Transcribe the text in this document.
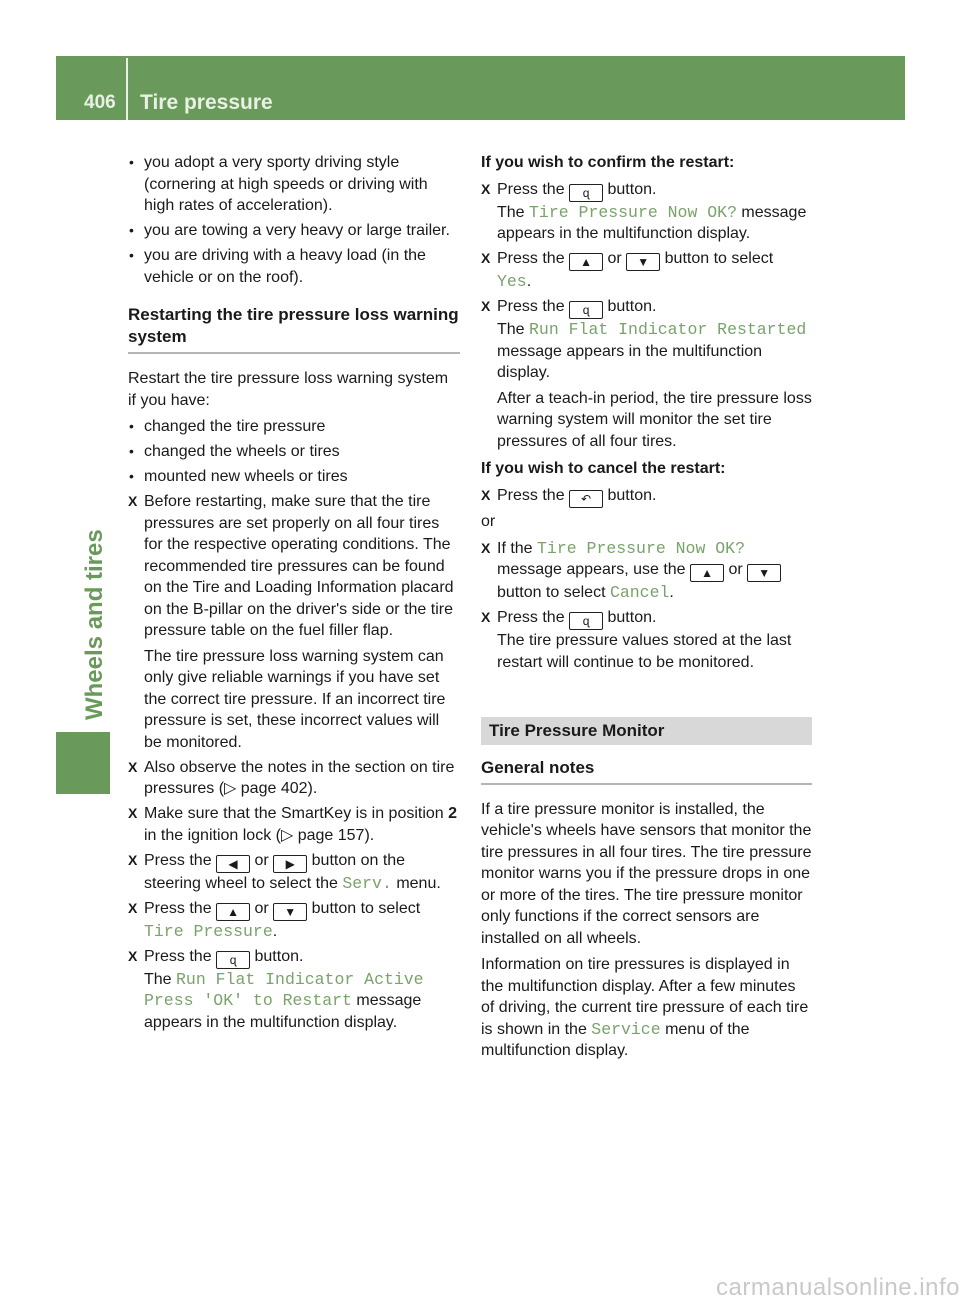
406 Tire pressure
Wheels and tires
• you adopt a very sporty driving style (cornering at high speeds or driving with high rates of acceleration).
• you are towing a very heavy or large trailer.
• you are driving with a heavy load (in the vehicle or on the roof).
Restarting the tire pressure loss warning system

Restart the tire pressure loss warning system if you have:

• changed the tire pressure
• changed the wheels or tires
• mounted new wheels or tires
X Before restarting, make sure that the tire pressures are set properly on all four tires for the respective operating conditions. The recommended tire pressures can be found on the Tire and Loading Information placard on the B-pillar on the driver's side or the tire pressure table on the fuel filler flap.
The tire pressure loss warning system can only give reliable warnings if you have set the correct tire pressure. If an incorrect tire pressure is set, these incorrect values will be monitored.
X Also observe the notes in the section on tire pressures (▷ page 402).
X Make sure that the SmartKey is in position 2 in the ignition lock (▷ page 157).
X Press the ◀ or ▶ button on the steering wheel to select the Serv. menu.
X Press the ▲ or ▼ button to select
Tire Pressure.
X Press the ɋ button.
The Run Flat Indicator Active
Press 'OK' to Restart message appears in the multifunction display.
If you wish to confirm the restart:
X Press the ɋ button.
The Tire Pressure Now OK? message appears in the multifunction display.
X Press the ▲ or ▼ button to select
Yes.
X Press the ɋ button.
The Run Flat Indicator Restarted message appears in the multifunction display.
After a teach-in period, the tire pressure loss warning system will monitor the set tire pressures of all four tires.
If you wish to cancel the restart:
X Press the ↶ button.

or

X If the Tire Pressure Now OK? message appears, use the ▲ or ▼ button to select Cancel.
X Press the ɋ button.
The tire pressure values stored at the last restart will continue to be monitored.
Tire Pressure Monitor
General notes

If a tire pressure monitor is installed, the vehicle's wheels have sensors that monitor the tire pressures in all four tires. The tire pressure monitor warns you if the pressure drops in one or more of the tires. The tire pressure monitor only functions if the correct sensors are installed on all wheels.

Information on tire pressures is displayed in the multifunction display. After a few minutes of driving, the current tire pressure of each tire is shown in the Service menu of the multifunction display.

carmanualsonline.info
